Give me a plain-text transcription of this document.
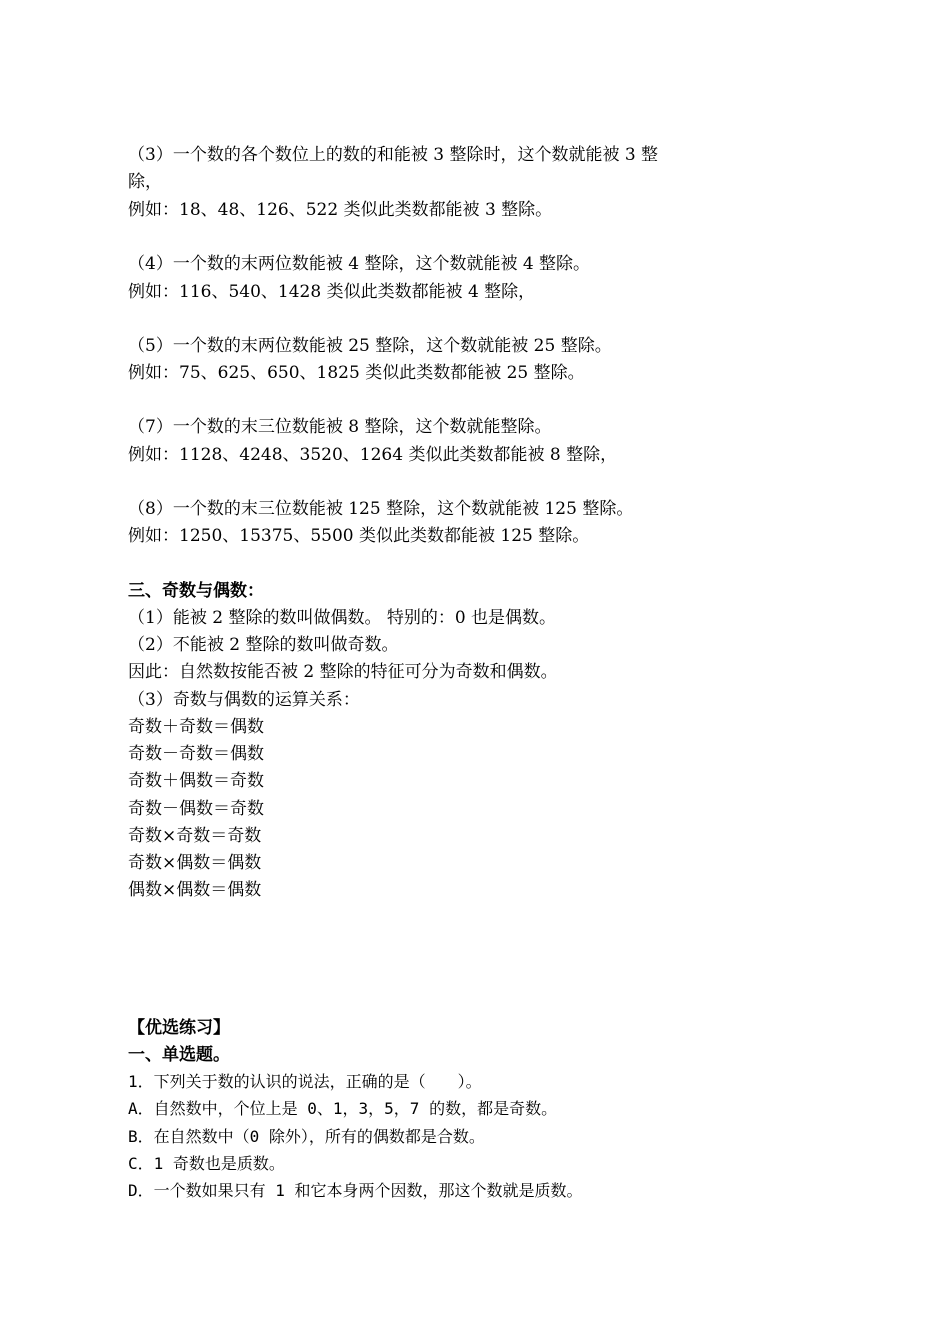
（3）一个数的各个数位上的数的和能被 3 整除时，这个数就能被 3 整
除，
例如：18、48、126、522 类似此类数都能被 3 整除。
（4）一个数的末两位数能被 4 整除，这个数就能被 4 整除。
例如：116、540、1428 类似此类数都能被 4 整除，
（5）一个数的末两位数能被 25 整除，这个数就能被 25 整除。
例如：75、625、650、1825 类似此类数都能被 25 整除。
（7）一个数的末三位数能被 8 整除，这个数就能整除。
例如：1128、4248、3520、1264 类似此类数都能被 8 整除，
（8）一个数的末三位数能被 125 整除，这个数就能被 125 整除。
例如：1250、15375、5500 类似此类数都能被 125 整除。
三、奇数与偶数：
（1）能被 2 整除的数叫做偶数。 特别的：0 也是偶数。
（2）不能被 2 整除的数叫做奇数。
因此：自然数按能否被 2 整除的特征可分为奇数和偶数。
（3）奇数与偶数的运算关系：
奇数＋奇数＝偶数
奇数－奇数＝偶数
奇数＋偶数＝奇数
奇数－偶数＝奇数
奇数×奇数＝奇数
奇数×偶数＝偶数
偶数×偶数＝偶数
【优选练习】
一、单选题。
1．下列关于数的认识的说法，正确的是（　　）。
A．自然数中，个位上是 0、1，3，5，7 的数，都是奇数。
B．在自然数中（0 除外），所有的偶数都是合数。
C．1 奇数也是质数。
D．一个数如果只有 1 和它本身两个因数，那这个数就是质数。
